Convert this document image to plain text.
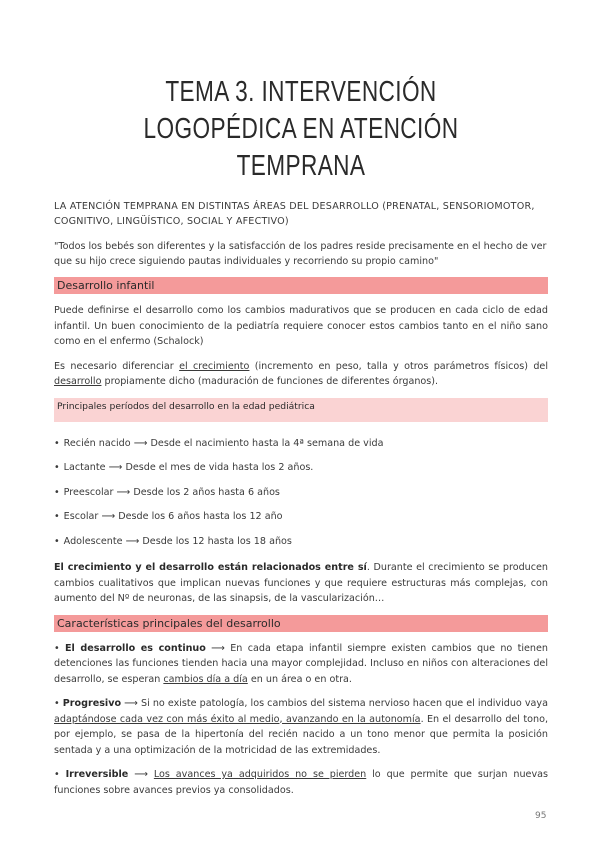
TEMA 3. INTERVENCIÓN LOGOPÉDICA EN ATENCIÓN
TEMPRANA
LA ATENCIÓN TEMPRANA EN DISTINTAS ÁREAS DEL DESARROLLO (PRENATAL, SENSORIOMOTOR, COGNITIVO, LINGÜÍSTICO, SOCIAL Y AFECTIVO)
"Todos los bebés son diferentes y la satisfacción de los padres reside precisamente en el hecho de ver que su hijo crece siguiendo pautas individuales y recorriendo su propio camino"
Desarrollo infantil

Puede definirse el desarrollo como los cambios madurativos que se producen en cada ciclo de edad infantil. Un buen conocimiento de la pediatría requiere conocer estos cambios tanto en el niño sano como en el enfermo (Schalock)

Es necesario diferenciar el crecimiento (incremento en peso, talla y otros parámetros físicos) del desarrollo propiamente dicho (maduración de funciones de diferentes órganos).

Principales períodos del desarrollo en la edad pediátrica
• Recién nacido ⟶ Desde el nacimiento hasta la 4ª semana de vida
• Lactante ⟶ Desde el mes de vida hasta los 2 años.
• Preescolar ⟶ Desde los 2 años hasta 6 años
• Escolar ⟶ Desde los 6 años hasta los 12 año
• Adolescente ⟶ Desde los 12 hasta los 18 años

El crecimiento y el desarrollo están relacionados entre sí. Durante el crecimiento se producen cambios cualitativos que implican nuevas funciones y que requiere estructuras más complejas, con aumento del Nº de neuronas, de las sinapsis, de la vascularización…

Características principales del desarrollo

• El desarrollo es continuo ⟶ En cada etapa infantil siempre existen cambios que no tienen detenciones las funciones tienden hacia una mayor complejidad. Incluso en niños con alteraciones del desarrollo, se esperan cambios día a día en un área o en otra.

• Progresivo ⟶ Si no existe patología, los cambios del sistema nervioso hacen que el individuo vaya adaptándose cada vez con más éxito al medio, avanzando en la autonomía. En el desarrollo del tono, por ejemplo, se pasa de la hipertonía del recién nacido a un tono menor que permita la posición sentada y a una optimización de la motricidad de las extremidades.

• Irreversible ⟶ Los avances ya adquiridos no se pierden lo que permite que surjan nuevas funciones sobre avances previos ya consolidados.

95
